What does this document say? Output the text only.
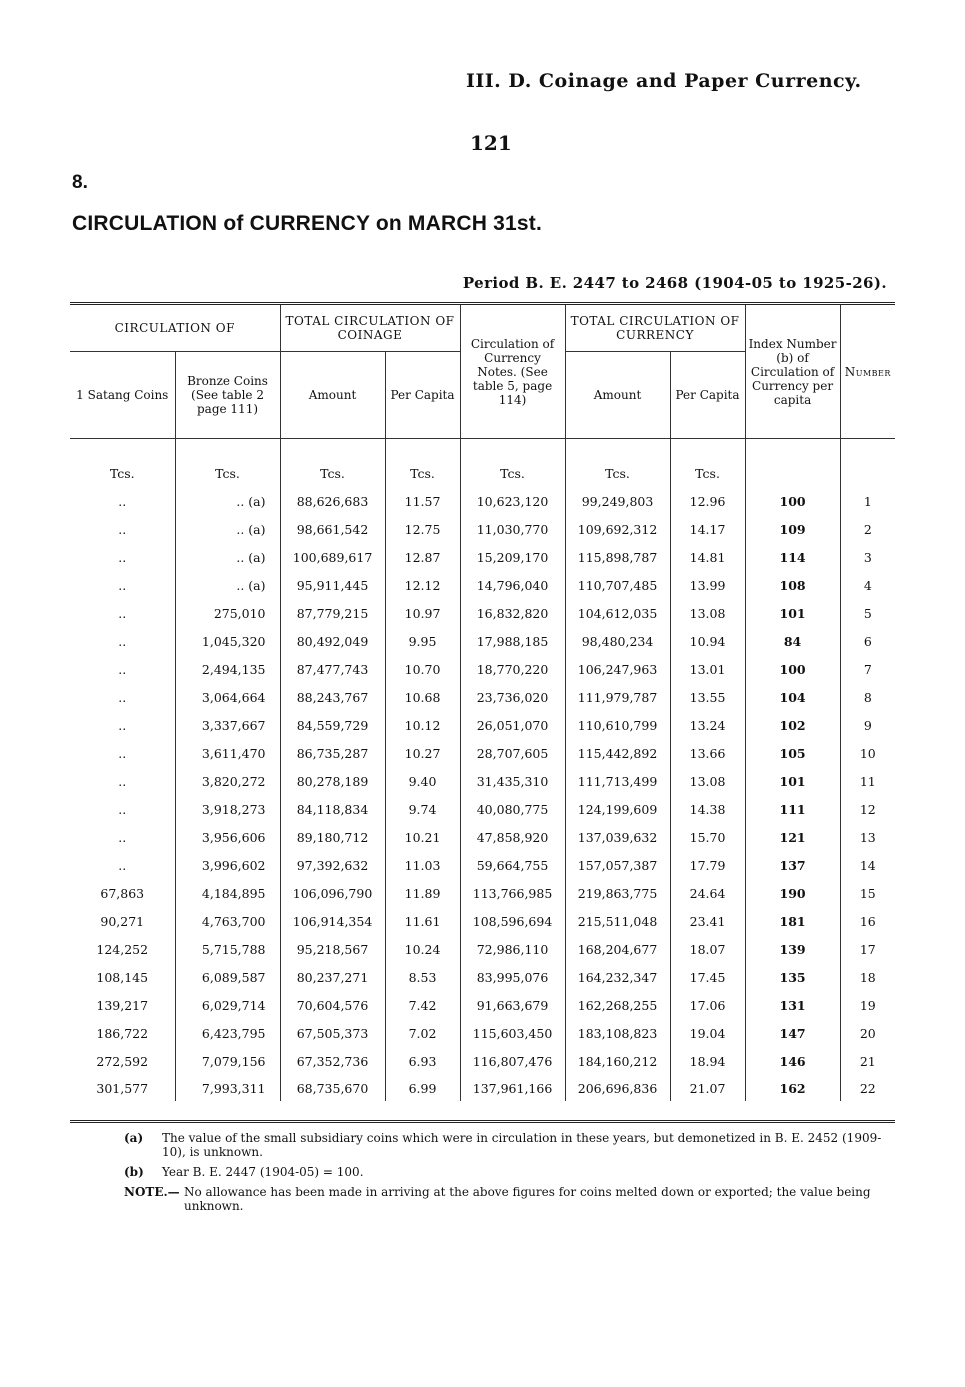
III. D. Coinage and Paper Currency.
121
8.
CIRCULATION of CURRENCY on MARCH 31st.
Period B. E. 2447 to 2468 (1904-05 to 1925-26).
CIRCULATION OF		TOTAL CIRCULATION OF COINAGE		Circulation of Currency Notes. (See table 5, page 114)	TOTAL CIRCULATION OF CURRENCY		Index Number (b) of Circulation of Currency per capita	Number
1 Satang Coins	Bronze Coins (See table 2 page 111)	Amount	Per Capita		Amount	Per Capita		
Tcs.	Tcs.	Tcs.	Tcs.	Tcs.	Tcs.	Tcs.		
..	.. (a)	88,626,683	11.57	10,623,120	99,249,803	12.96	100	1
..	.. (a)	98,661,542	12.75	11,030,770	109,692,312	14.17	109	2
..	.. (a)	100,689,617	12.87	15,209,170	115,898,787	14.81	114	3
..	.. (a)	95,911,445	12.12	14,796,040	110,707,485	13.99	108	4
..	275,010	87,779,215	10.97	16,832,820	104,612,035	13.08	101	5
..	1,045,320	80,492,049	9.95	17,988,185	98,480,234	10.94	84	6
..	2,494,135	87,477,743	10.70	18,770,220	106,247,963	13.01	100	7
..	3,064,664	88,243,767	10.68	23,736,020	111,979,787	13.55	104	8
..	3,337,667	84,559,729	10.12	26,051,070	110,610,799	13.24	102	9
..	3,611,470	86,735,287	10.27	28,707,605	115,442,892	13.66	105	10
..	3,820,272	80,278,189	9.40	31,435,310	111,713,499	13.08	101	11
..	3,918,273	84,118,834	9.74	40,080,775	124,199,609	14.38	111	12
..	3,956,606	89,180,712	10.21	47,858,920	137,039,632	15.70	121	13
..	3,996,602	97,392,632	11.03	59,664,755	157,057,387	17.79	137	14
67,863	4,184,895	106,096,790	11.89	113,766,985	219,863,775	24.64	190	15
90,271	4,763,700	106,914,354	11.61	108,596,694	215,511,048	23.41	181	16
124,252	5,715,788	95,218,567	10.24	72,986,110	168,204,677	18.07	139	17
108,145	6,089,587	80,237,271	8.53	83,995,076	164,232,347	17.45	135	18
139,217	6,029,714	70,604,576	7.42	91,663,679	162,268,255	17.06	131	19
186,722	6,423,795	67,505,373	7.02	115,603,450	183,108,823	19.04	147	20
272,592	7,079,156	67,352,736	6.93	116,807,476	184,160,212	18.94	146	21
301,577	7,993,311	68,735,670	6.99	137,961,166	206,696,836	21.07	162	22
(a)	The value of the small subsidiary coins which were in circulation in these years, but demonetized in B. E. 2452 (1909-10), is unknown.
(b)	Year B. E. 2447 (1904-05) = 100.
NOTE.— No allowance has been made in arriving at the above figures for coins melted down or exported; the value being unknown.
